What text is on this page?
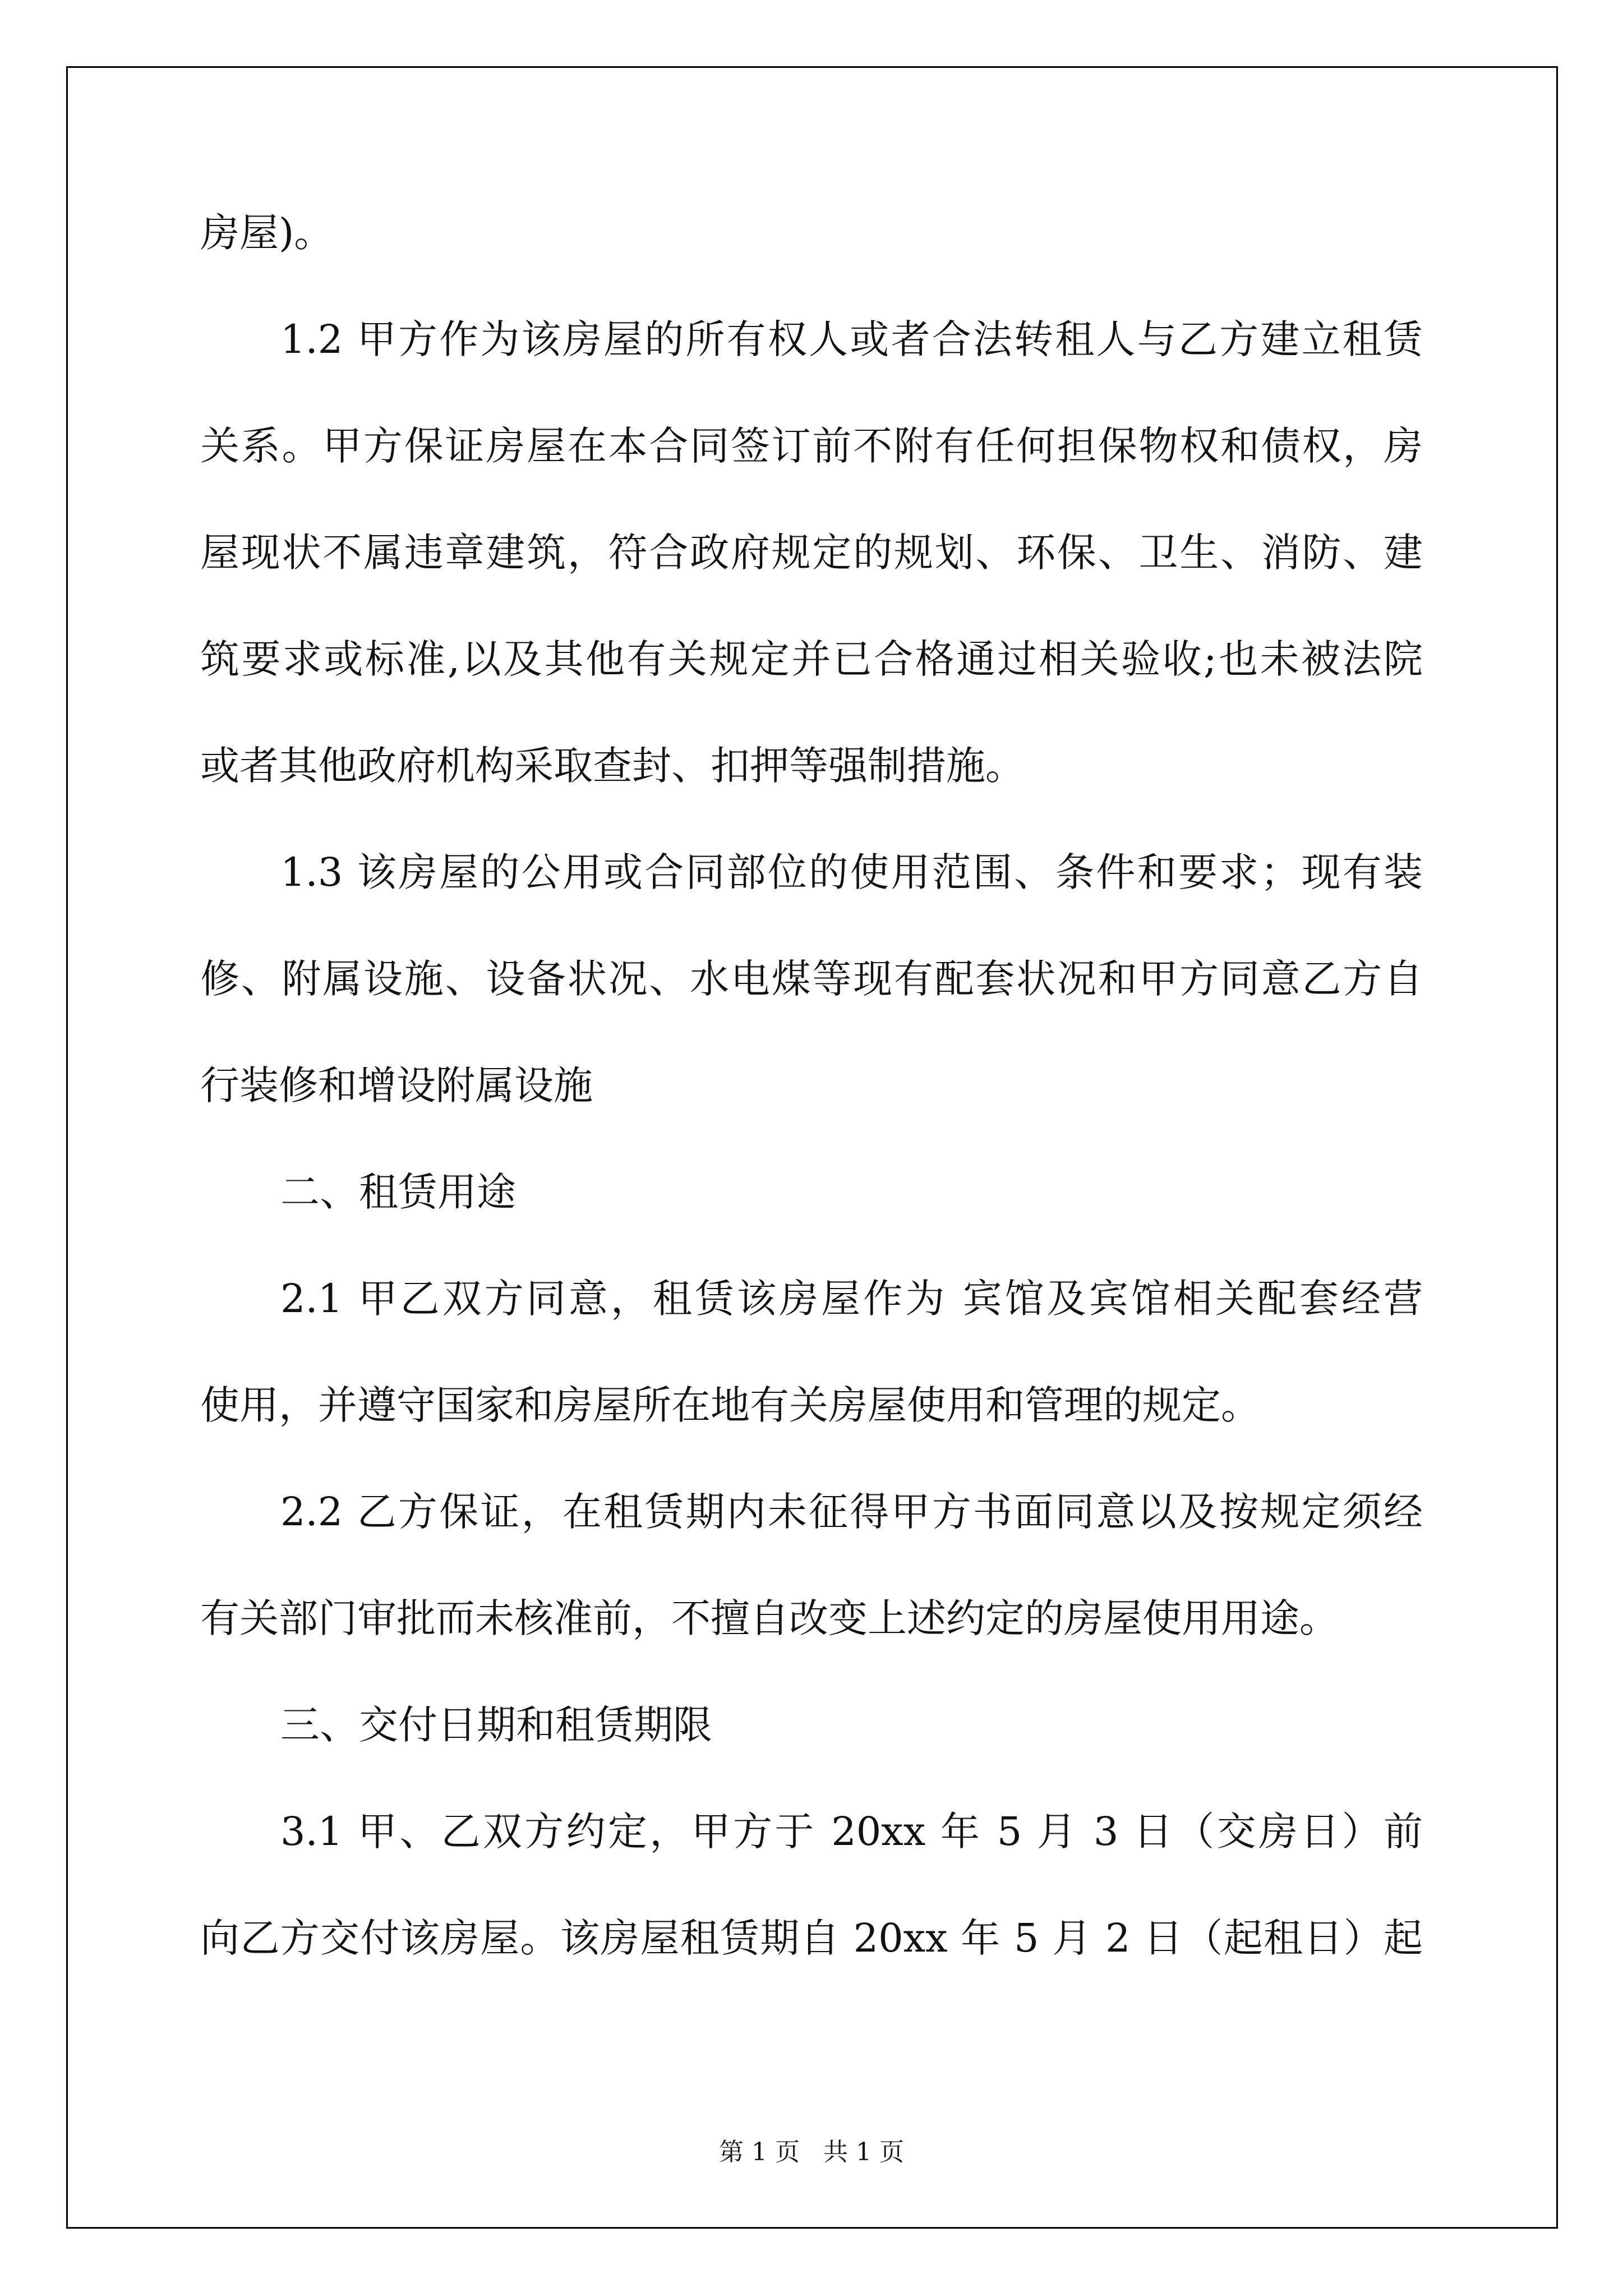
房屋)。
1.2 甲方作为该房屋的所有权人或者合法转租人与乙方建立租赁
关系。甲方保证房屋在本合同签订前不附有任何担保物权和债权，房
屋现状不属违章建筑，符合政府规定的规划、环保、卫生、消防、建
筑要求或标准,以及其他有关规定并已合格通过相关验收;也未被法院
或者其他政府机构采取查封、扣押等强制措施。
1.3 该房屋的公用或合同部位的使用范围、条件和要求；现有装
修、附属设施、设备状况、水电煤等现有配套状况和甲方同意乙方自
行装修和增设附属设施
二、租赁用途
2.1 甲乙双方同意，租赁该房屋作为 宾馆及宾馆相关配套经营
使用，并遵守国家和房屋所在地有关房屋使用和管理的规定。
2.2 乙方保证，在租赁期内未征得甲方书面同意以及按规定须经
有关部门审批而未核准前，不擅自改变上述约定的房屋使用用途。
三、交付日期和租赁期限
3.1 甲、乙双方约定，甲方于 20xx 年 5 月 3 日（交房日）前
向乙方交付该房屋。该房屋租赁期自 20xx 年 5 月 2 日（起租日）起
第 1 页   共 1 页
